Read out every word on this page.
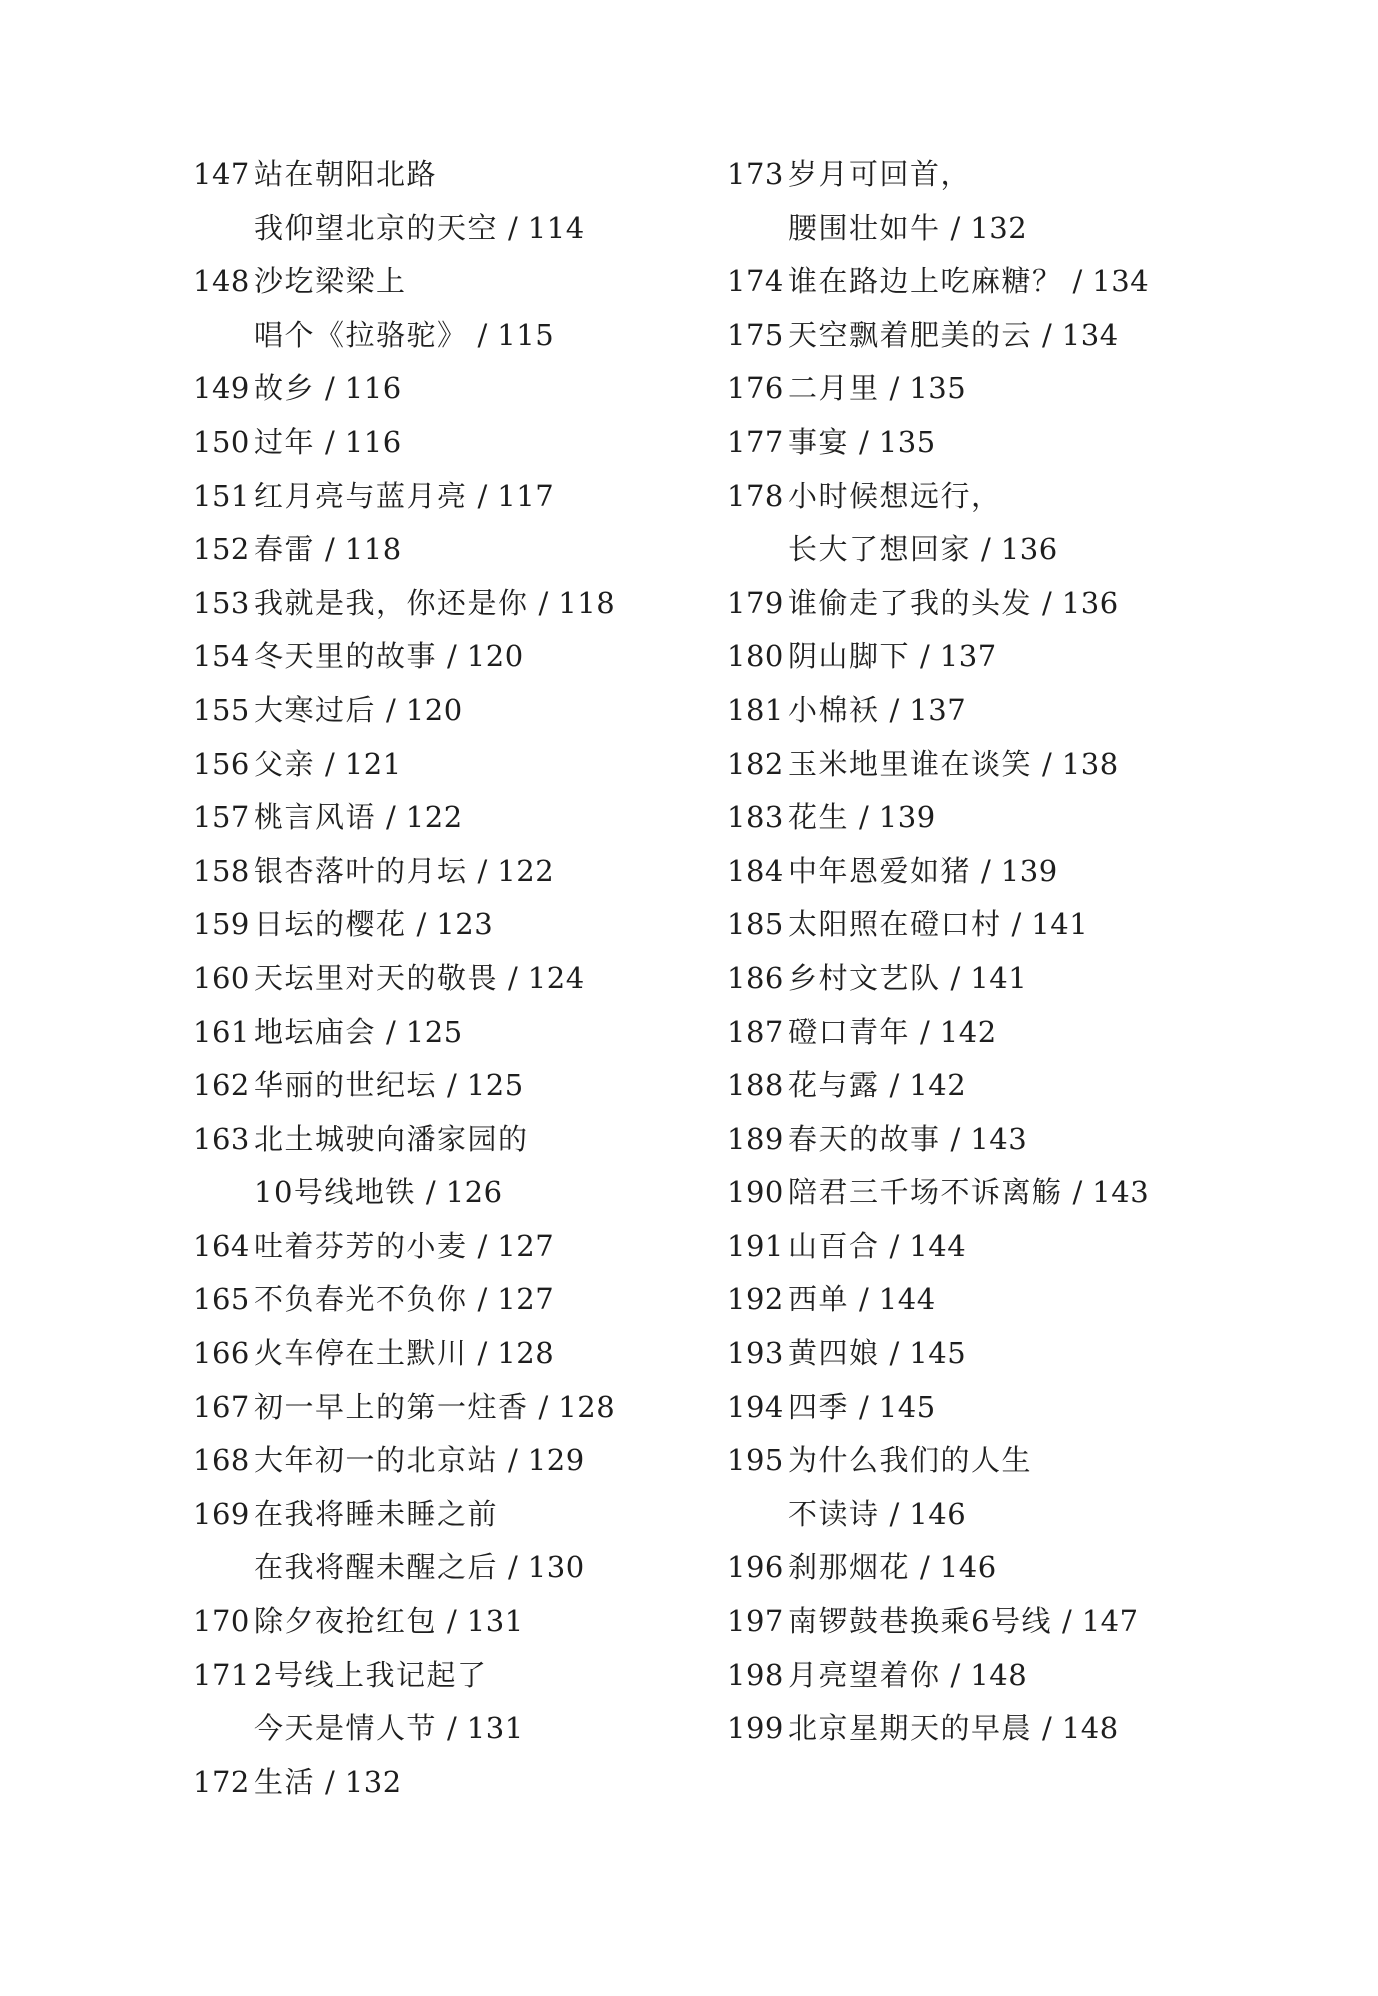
147 站在朝阳北路
我仰望北京的天空 / 114
148 沙圪梁梁上
唱个《拉骆驼》 / 115
149 故乡 / 116
150 过年 / 116
151 红月亮与蓝月亮 / 117
152 春雷 / 118
153 我就是我，你还是你 / 118
154 冬天里的故事 / 120
155 大寒过后 / 120
156 父亲 / 121
157 桃言风语 / 122
158 银杏落叶的月坛 / 122
159 日坛的樱花 / 123
160 天坛里对天的敬畏 / 124
161 地坛庙会 / 125
162 华丽的世纪坛 / 125
163 北土城驶向潘家园的
10号线地铁 / 126
164 吐着芬芳的小麦 / 127
165 不负春光不负你 / 127
166 火车停在土默川 / 128
167 初一早上的第一炷香 / 128
168 大年初一的北京站 / 129
169 在我将睡未睡之前
在我将醒未醒之后 / 130
170 除夕夜抢红包 / 131
171 2号线上我记起了
今天是情人节 / 131
172 生活 / 132
173 岁月可回首，
腰围壮如牛 / 132
174 谁在路边上吃麻糖？ / 134
175 天空飘着肥美的云 / 134
176 二月里 / 135
177 事宴 / 135
178 小时候想远行，
长大了想回家 / 136
179 谁偷走了我的头发 / 136
180 阴山脚下 / 137
181 小棉袄 / 137
182 玉米地里谁在谈笑 / 138
183 花生 / 139
184 中年恩爱如猪 / 139
185 太阳照在磴口村 / 141
186 乡村文艺队 / 141
187 磴口青年 / 142
188 花与露 / 142
189 春天的故事 / 143
190 陪君三千场不诉离觞 / 143
191 山百合 / 144
192 西单 / 144
193 黄四娘 / 145
194 四季 / 145
195 为什么我们的人生
不读诗 / 146
196 刹那烟花 / 146
197 南锣鼓巷换乘6号线 / 147
198 月亮望着你 / 148
199 北京星期天的早晨 / 148
